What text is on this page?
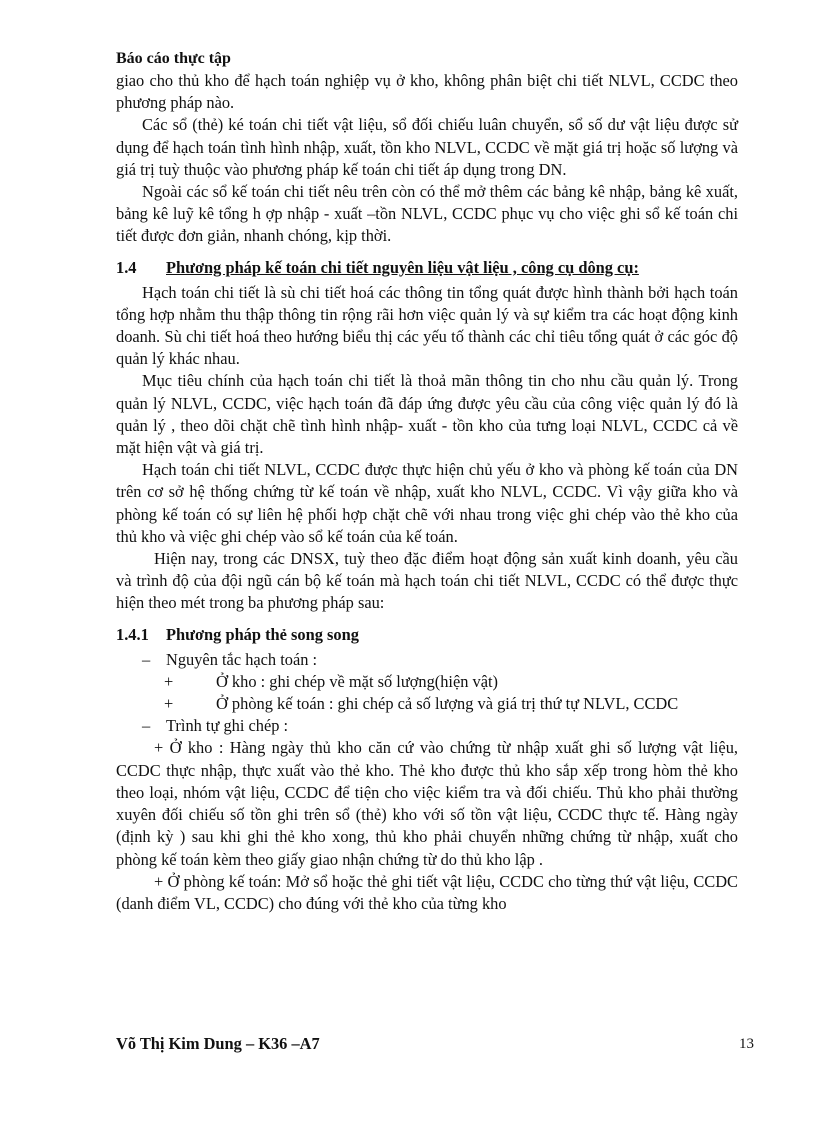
Báo cáo thực tập

giao cho thủ kho để hạch toán nghiệp vụ ở kho, không phân biệt chi tiết NLVL, CCDC theo phương pháp nào.

Các sổ (thẻ) ké toán chi tiết vật liệu, sổ đối chiếu luân chuyển, sổ số dư vật liệu được sử dụng để hạch toán tình hình nhập, xuất, tồn kho NLVL, CCDC về mặt giá trị hoặc số lượng và giá trị tuỳ thuộc vào phương pháp kế toán chi tiết áp dụng trong DN.

Ngoài các sổ kế toán chi tiết nêu trên còn có thể mở thêm các bảng kê nhập, bảng kê xuất, bảng kê luỹ kê tổng h ợp nhập - xuất –tồn NLVL, CCDC phục vụ cho việc ghi sổ kế toán chi tiết được đơn giản, nhanh chóng, kịp thời.

1.4	Phương pháp kế toán chi tiết nguyên liệu vật liệu , công cụ dông cụ:

Hạch toán chi tiết là sù chi tiết hoá các thông tin tổng quát được hình thành bởi hạch toán tổng hợp nhằm thu thập thông tin rộng rãi hơn việc quản lý và sự kiểm tra các hoạt động kinh doanh. Sù chi tiết hoá theo hướng biểu thị các yếu tố thành các chỉ tiêu tổng quát ở các góc độ quản lý khác nhau.

Mục tiêu chính của hạch toán chi tiết là thoả mãn thông tin cho nhu cầu quản lý. Trong quản lý NLVL, CCDC, việc hạch toán đã đáp ứng được yêu cầu của công việc quản lý đó là quản lý , theo dõi chặt chẽ tình hình nhập- xuất - tồn kho của tưng loại NLVL, CCDC cả về mặt hiện vật và giá trị.

Hạch toán chi tiết NLVL, CCDC được thực hiện chủ yếu ở kho và phòng kế toán của DN trên cơ sở hệ thống chứng từ kế toán về nhập, xuất kho NLVL, CCDC. Vì vậy giữa kho và phòng kế toán có sự liên hệ phối hợp chặt chẽ với nhau trong việc ghi chép vào thẻ kho của thủ kho và việc ghi chép vào sổ kế toán của kế toán.

Hiện nay, trong các DNSX, tuỳ theo đặc điểm hoạt động sản xuất kinh doanh, yêu cầu và trình độ của đội ngũ cán bộ kế toán mà hạch toán chi tiết NLVL, CCDC có thể được thực hiện theo mét trong ba phương pháp sau:

1.4.1	Phương pháp thẻ song song

– Nguyên tắc hạch toán :

+	Ở kho : ghi chép về mặt số lượng(hiện vật)

+	Ở phòng kế toán : ghi chép cả số lượng và giá trị thứ tự NLVL, CCDC

– Trình tự ghi chép :

+ Ở kho : Hàng ngày thủ kho căn cứ vào chứng từ nhập xuất ghi số lượng vật liệu, CCDC thực nhập, thực xuất vào thẻ kho. Thẻ kho được thủ kho sắp xếp trong hòm thẻ kho theo loại, nhóm vật liệu, CCDC để tiện cho việc kiểm tra và đối chiếu. Thủ kho phải thường xuyên đối chiếu số tồn ghi trên sổ (thẻ) kho với số tồn vật liệu, CCDC thực tế. Hàng ngày (định kỳ ) sau khi ghi thẻ kho xong, thủ kho phải chuyển những chứng từ nhập, xuất cho phòng kế toán kèm theo giấy giao nhận chứng từ do thủ kho lập .

+ Ở phòng kế toán: Mở sổ hoặc thẻ ghi tiết vật liệu, CCDC cho từng thứ vật liệu, CCDC (danh điểm VL, CCDC) cho đúng với thẻ kho của từng kho

Võ Thị Kim Dung – K36 –A7	13
